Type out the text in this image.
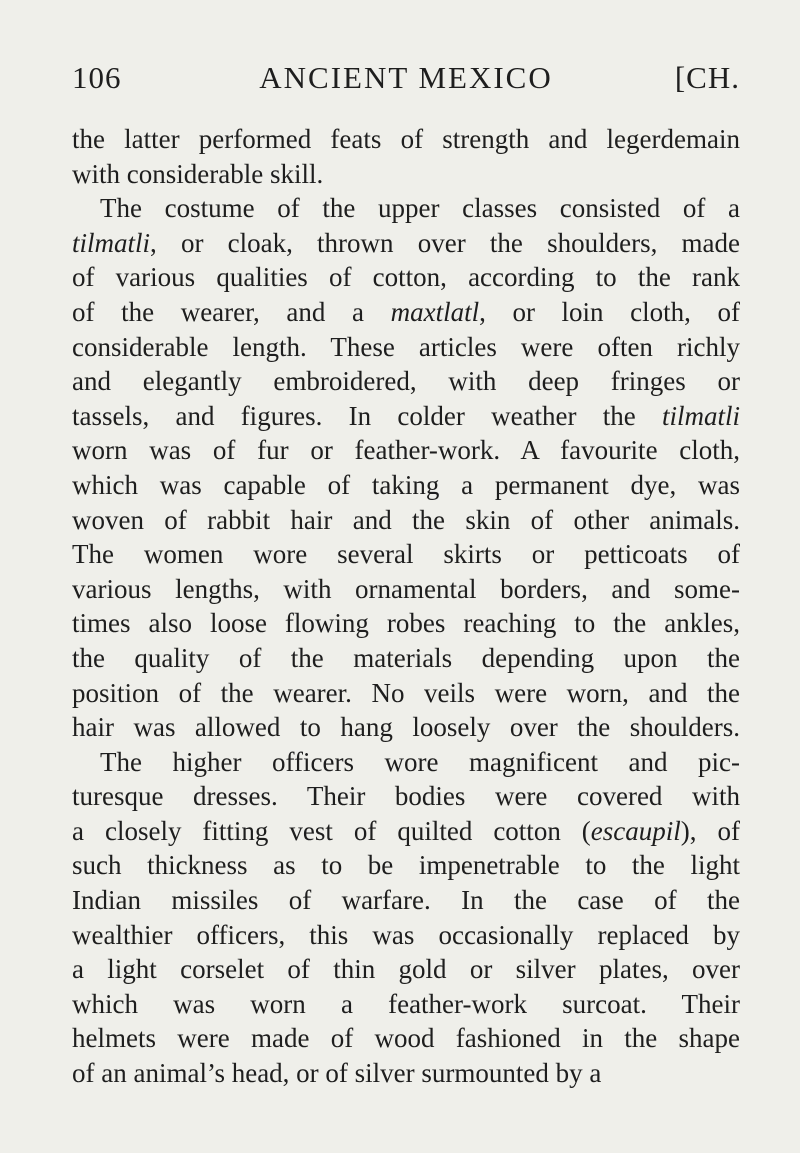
106	ANCIENT MEXICO	[CH.
the latter performed feats of strength and legerdemain
with considerable skill.
The costume of the upper classes consisted of a
tilmatli, or cloak, thrown over the shoulders, made
of various qualities of cotton, according to the rank
of the wearer, and a maxtlatl, or loin cloth, of
considerable length. These articles were often richly
and elegantly embroidered, with deep fringes or
tassels, and figures. In colder weather the tilmatli
worn was of fur or feather-work. A favourite cloth,
which was capable of taking a permanent dye, was
woven of rabbit hair and the skin of other animals.
The women wore several skirts or petticoats of
various lengths, with ornamental borders, and some-
times also loose flowing robes reaching to the ankles,
the quality of the materials depending upon the
position of the wearer. No veils were worn, and the
hair was allowed to hang loosely over the shoulders.
The higher officers wore magnificent and pic-
turesque dresses. Their bodies were covered with
a closely fitting vest of quilted cotton (escaupil), of
such thickness as to be impenetrable to the light
Indian missiles of warfare. In the case of the
wealthier officers, this was occasionally replaced by
a light corselet of thin gold or silver plates, over
which was worn a feather-work surcoat. Their
helmets were made of wood fashioned in the shape
of an animal’s head, or of silver surmounted by a
